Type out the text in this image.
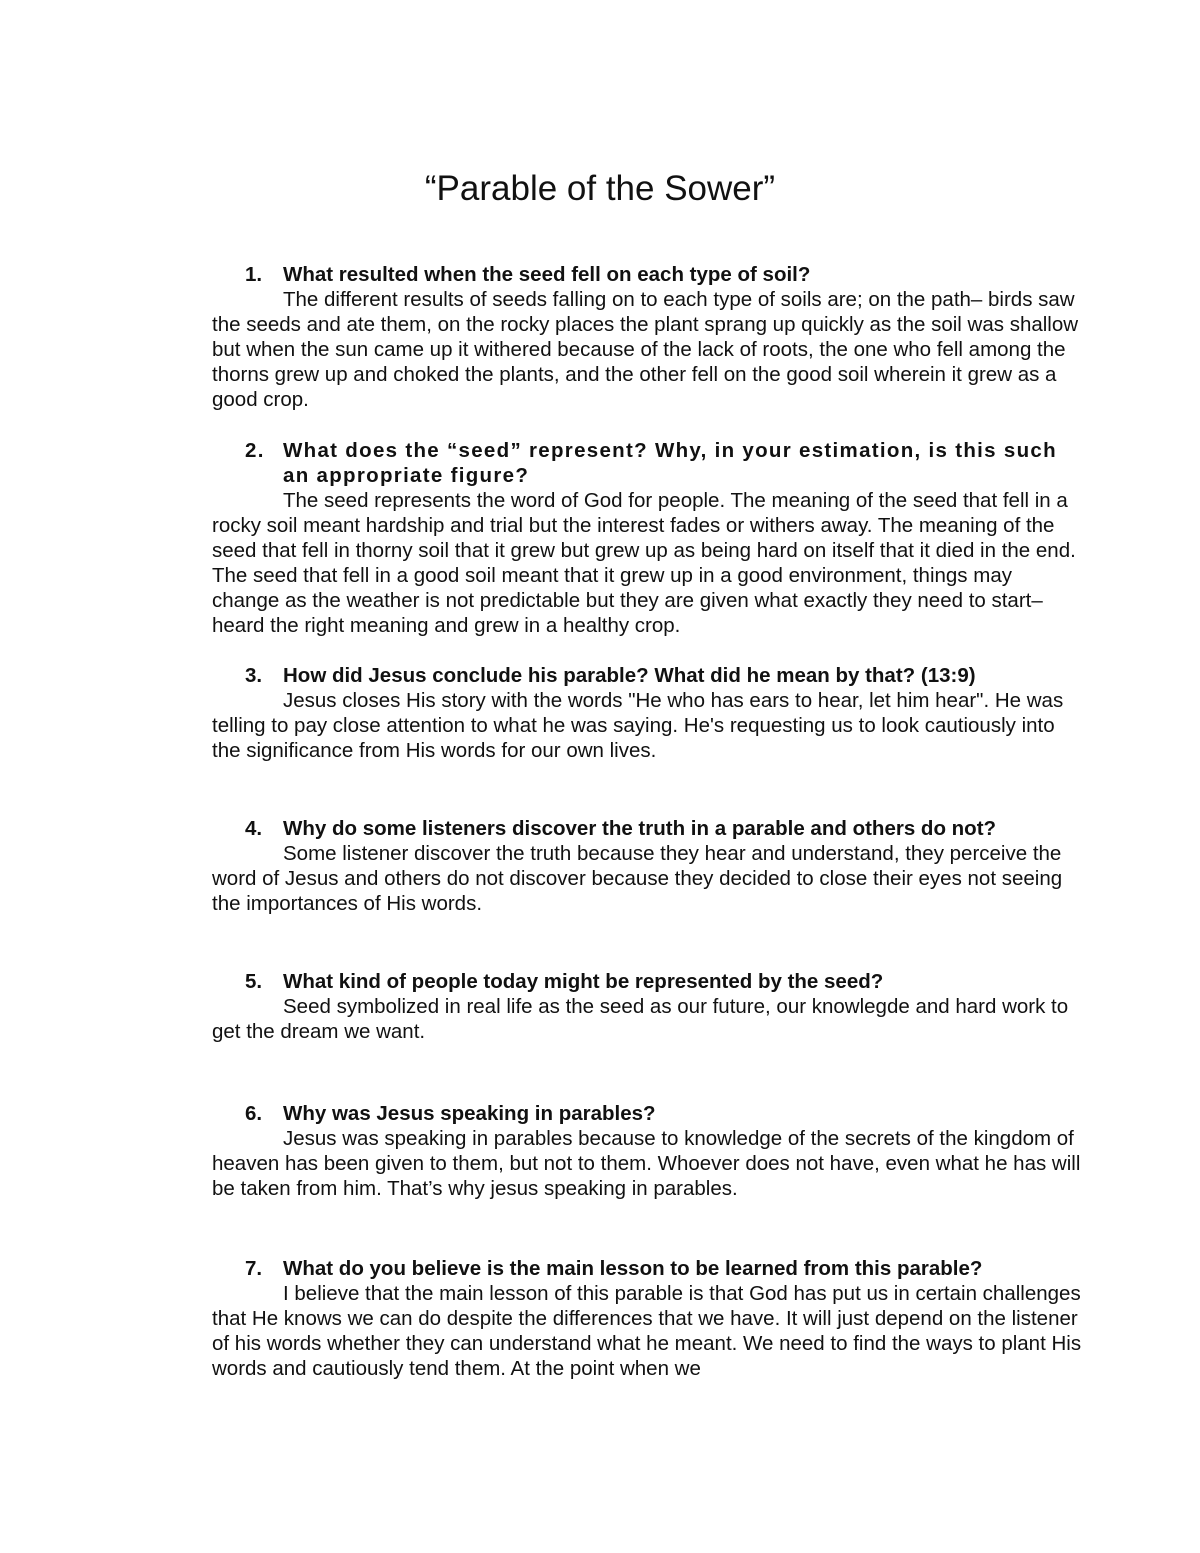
“Parable of the Sower”

1. What resulted when the seed fell on each type of soil?

The different results of seeds falling on to each type of soils are; on the path– birds saw the seeds and ate them, on the rocky places the plant sprang up quickly as the soil was shallow but when the sun came up it withered because of the lack of roots, the one who fell among the thorns grew up and choked the plants, and the other fell on the good soil wherein it grew as a good crop.

2. What does the “seed” represent? Why, in your estimation, is this such an appropriate figure?

The seed represents the word of God for people. The meaning of the seed that fell in a rocky soil meant hardship and trial but the interest fades or withers away. The meaning of the seed that fell in thorny soil that it grew but grew up as being hard on itself that it died in the end. The seed that fell in a good soil meant that it grew up in a good environment, things may change as the weather is not predictable but they are given what exactly they need to start– heard the right meaning and grew in a healthy crop.

3. How did Jesus conclude his parable? What did he mean by that? (13:9)

Jesus closes His story with the words "He who has ears to hear, let him hear". He was telling to pay close attention to what he was saying. He's requesting us to look cautiously into the significance from His words for our own lives.

4. Why do some listeners discover the truth in a parable and others do not?

Some listener discover the truth because they hear and understand, they perceive the word of Jesus and others do not discover because they decided to close their eyes not seeing the importances of His words.

5. What kind of people today might be represented by the seed?

Seed symbolized in real life as the seed as our future, our knowlegde and hard work to get the dream we want.

6. Why was Jesus speaking in parables?

Jesus was speaking in parables because to knowledge of the secrets of the kingdom of heaven has been given to them, but not to them. Whoever does not have, even what he has will be taken from him. That’s why jesus speaking in parables.

7. What do you believe is the main lesson to be learned from this parable?

I believe that the main lesson of this parable is that God has put us in certain challenges that He knows we can do despite the differences that we have. It will just depend on the listener of his words whether they can understand what he meant. We need to find the ways to plant His words and cautiously tend them. At the point when we
